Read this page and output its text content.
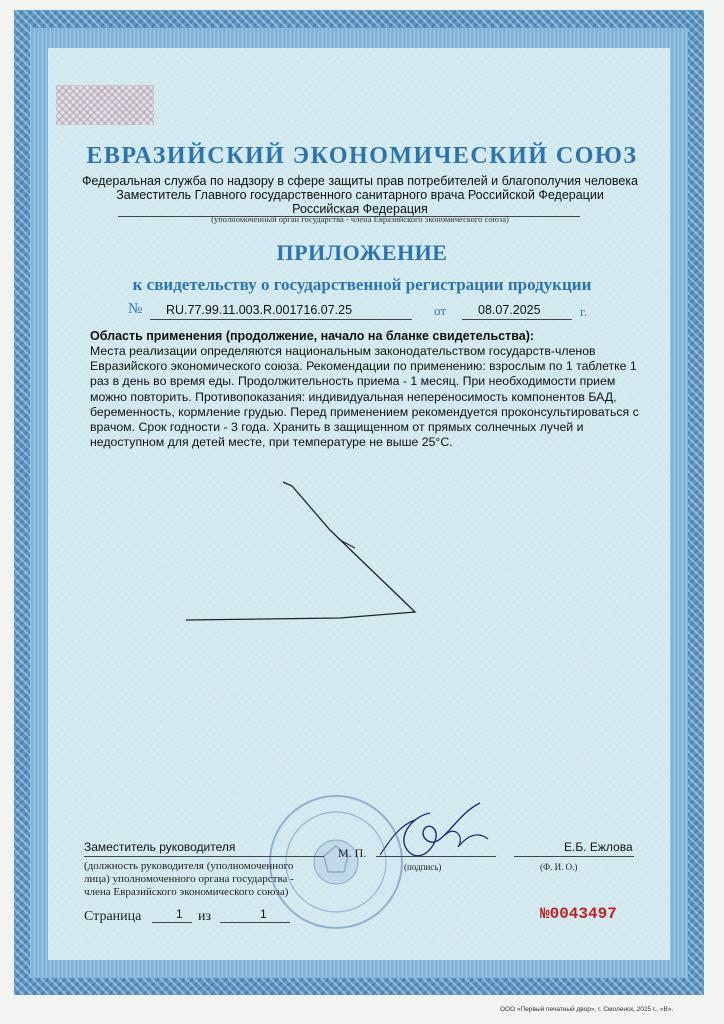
ЕВРАЗИЙСКИЙ ЭКОНОМИЧЕСКИЙ СОЮЗ
Федеральная служба по надзору в сфере защиты прав потребителей и благополучия человека
Заместитель Главного государственного санитарного врача Российской Федерации
Российская Федерация
(уполномоченный орган государства - члена Евразийского экономического союза)
ПРИЛОЖЕНИЕ
к свидетельству о государственной регистрации продукции
№ RU.77.99.11.003.R.001716.07.25	от	08.07.2025	г.
Область применения (продолжение, начало на бланке свидетельства):
Места реализации определяются национальным законодательством государств-членов Евразийского экономического союза. Рекомендации по применению: взрослым по 1 таблетке 1 раз в день во время еды. Продолжительность приема - 1 месяц. При необходимости прием можно повторить. Противопоказания: индивидуальная непереносимость компонентов БАД, беременность, кормление грудью. Перед применением рекомендуется проконсультироваться с врачом. Срок годности - 3 года. Хранить в защищенном от прямых солнечных лучей и недоступном для детей месте, при температуре не выше 25°С.
Заместитель руководителя	Е.Б. Ежлова
(должность руководителя (уполномоченного
лица) уполномоченного органа государства -
члена Евразийского экономического союза)
М. П.
(подпись)	(Ф. И. О.)
Страница	1 из	1	№0043497
ООО «Первый печатный двор», г. Смоленск, 2025 г., «В».
